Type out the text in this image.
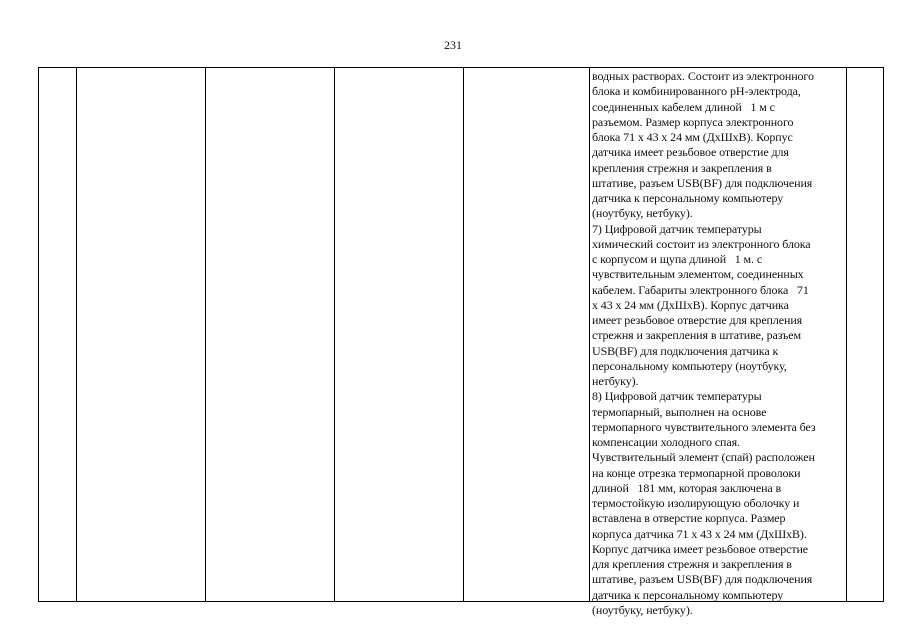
231
водных растворах. Состоит из электронного
блока и комбинированного pH-электрода,
соединенных кабелем длиной   1 м с
разъемом. Размер корпуса электронного
блока 71 x 43 x 24 мм (ДхШхВ). Корпус
датчика имеет резьбовое отверстие для
крепления стрежня и закрепления в
штативе, разъем USB(BF) для подключения
датчика к персональному компьютеру
(ноутбуку, нетбуку).
7) Цифровой датчик температуры
химический состоит из электронного блока
с корпусом и щупа длиной   1 м. с
чувствительным элементом, соединенных
кабелем. Габариты электронного блока   71
x 43 x 24 мм (ДхШхВ). Корпус датчика
имеет резьбовое отверстие для крепления
стрежня и закрепления в штативе, разъем
USB(BF) для подключения датчика к
персональному компьютеру (ноутбуку,
нетбуку).
8) Цифровой датчик температуры
термопарный, выполнен на основе
термопарного чувствительного элемента без
компенсации холодного спая.
Чувствительный элемент (спай) расположен
на конце отрезка термопарной проволоки
длиной   181 мм, которая заключена в
термостойкую изолирующую оболочку и
вставлена в отверстие корпуса. Размер
корпуса датчика 71 x 43 x 24 мм (ДхШхВ).
Корпус датчика имеет резьбовое отверстие
для крепления стрежня и закрепления в
штативе, разъем USB(BF) для подключения
датчика к персональному компьютеру
(ноутбуку, нетбуку).
